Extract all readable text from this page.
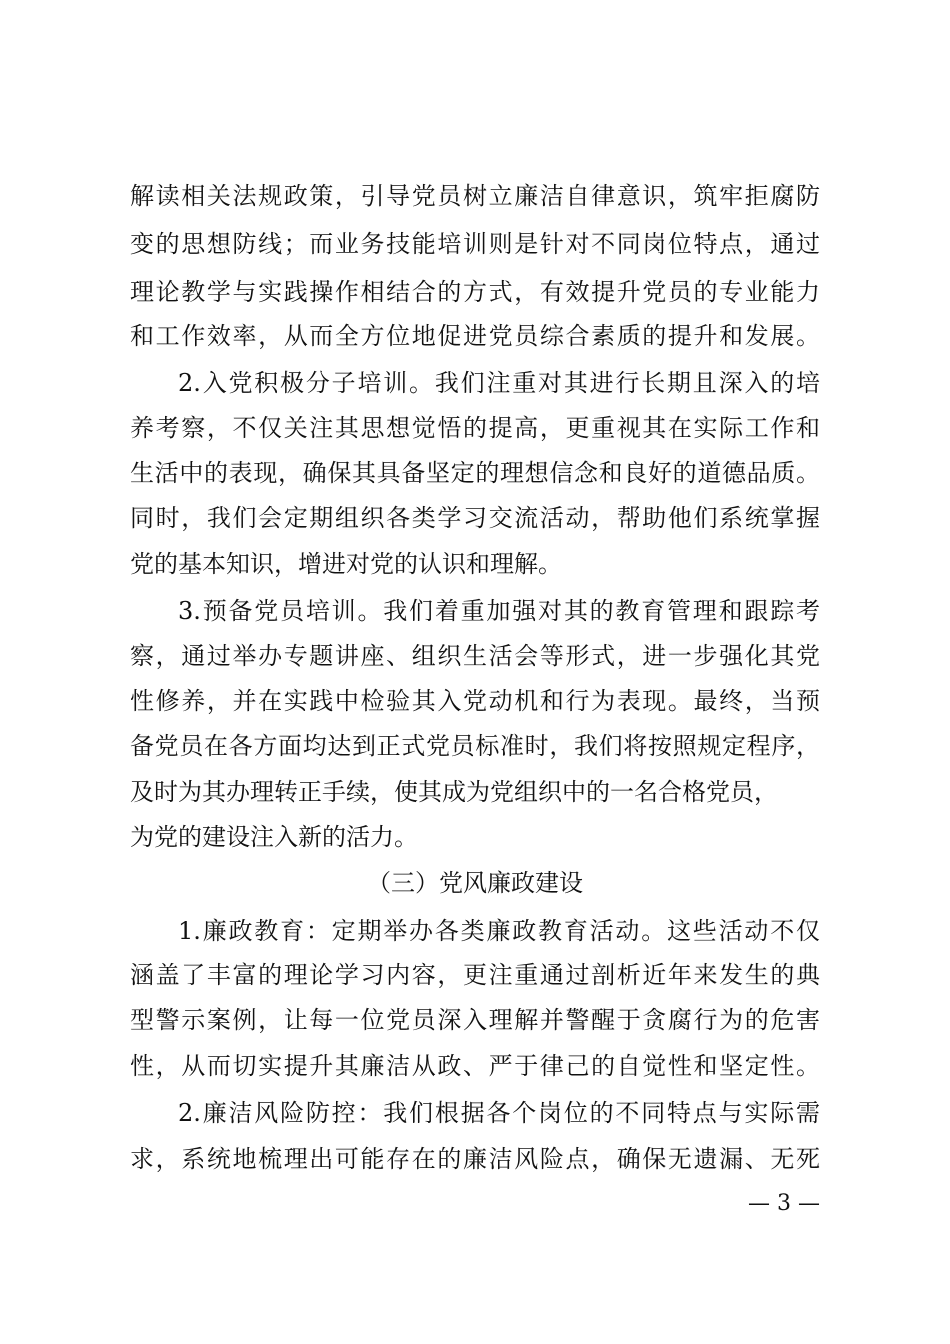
解读相关法规政策，引导党员树立廉洁自律意识，筑牢拒腐防
变的思想防线；而业务技能培训则是针对不同岗位特点，通过
理论教学与实践操作相结合的方式，有效提升党员的专业能力
和工作效率，从而全方位地促进党员综合素质的提升和发展。
2.入党积极分子培训。我们注重对其进行长期且深入的培
养考察，不仅关注其思想觉悟的提高，更重视其在实际工作和
生活中的表现，确保其具备坚定的理想信念和良好的道德品质。
同时，我们会定期组织各类学习交流活动，帮助他们系统掌握
党的基本知识，增进对党的认识和理解。
3.预备党员培训。我们着重加强对其的教育管理和跟踪考
察，通过举办专题讲座、组织生活会等形式，进一步强化其党
性修养，并在实践中检验其入党动机和行为表现。最终，当预
备党员在各方面均达到正式党员标准时，我们将按照规定程序，
及时为其办理转正手续，使其成为党组织中的一名合格党员，
为党的建设注入新的活力。
（三）党风廉政建设
1.廉政教育：定期举办各类廉政教育活动。这些活动不仅
涵盖了丰富的理论学习内容，更注重通过剖析近年来发生的典
型警示案例，让每一位党员深入理解并警醒于贪腐行为的危害
性，从而切实提升其廉洁从政、严于律己的自觉性和坚定性。
2.廉洁风险防控：我们根据各个岗位的不同特点与实际需
求，系统地梳理出可能存在的廉洁风险点，确保无遗漏、无死
— 3 —
